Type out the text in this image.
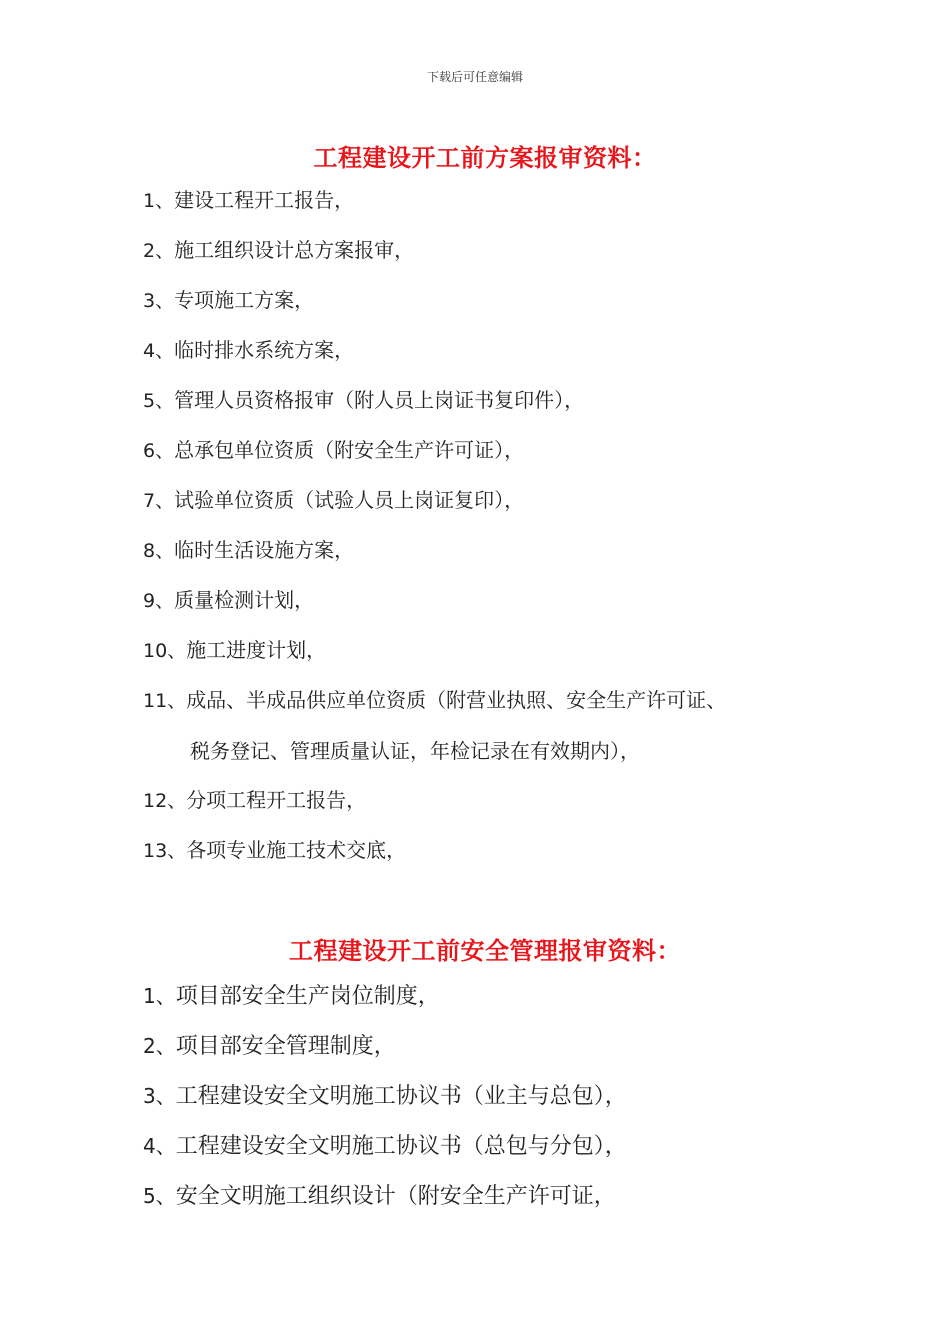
下载后可任意编辑
工程建设开工前方案报审资料：
1、建设工程开工报告，
2、施工组织设计总方案报审，
3、专项施工方案，
4、临时排水系统方案，
5、管理人员资格报审（附人员上岗证书复印件），
6、总承包单位资质（附安全生产许可证），
7、试验单位资质（试验人员上岗证复印），
8、临时生活设施方案，
9、质量检测计划，
10、施工进度计划，
11、成品、半成品供应单位资质（附营业执照、安全生产许可证、
税务登记、管理质量认证，年检记录在有效期内），
12、分项工程开工报告，
13、各项专业施工技术交底，
工程建设开工前安全管理报审资料：
1、项目部安全生产岗位制度，
2、项目部安全管理制度，
3、工程建设安全文明施工协议书（业主与总包），
4、工程建设安全文明施工协议书（总包与分包），
5、安全文明施工组织设计（附安全生产许可证，
